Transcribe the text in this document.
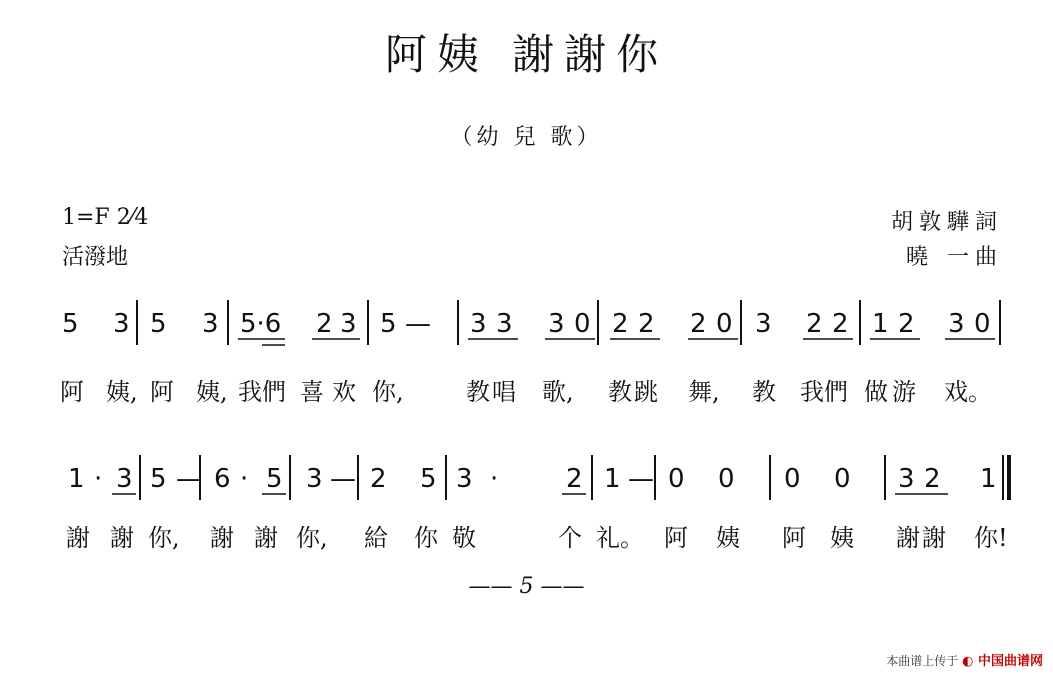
阿姨 謝謝你
（幼 兒 歌）
1=F 2⁄4
活潑地
胡敦驊詞
曉 一曲
5 3 5 3 5·6 2 3 5 — 3 3 3 0 2 2 2 0 3 2 2 1 2 3 0
阿 姨, 阿 姨, 我們 喜 欢 你,	教 唱 歌, 教 跳 舞, 教 我們 做 游 戏。
1 · 3 5 — 6 · 5 3 — 2 5 3 ·	2 1 — 0 0 0 0 3 2 1
謝 謝 你, 謝 謝 你, 給 你 敬	个 礼。 阿 姨 阿 姨 謝 謝 你!
—— 5 ——
本曲谱上传于 ◐ 中国曲谱网
